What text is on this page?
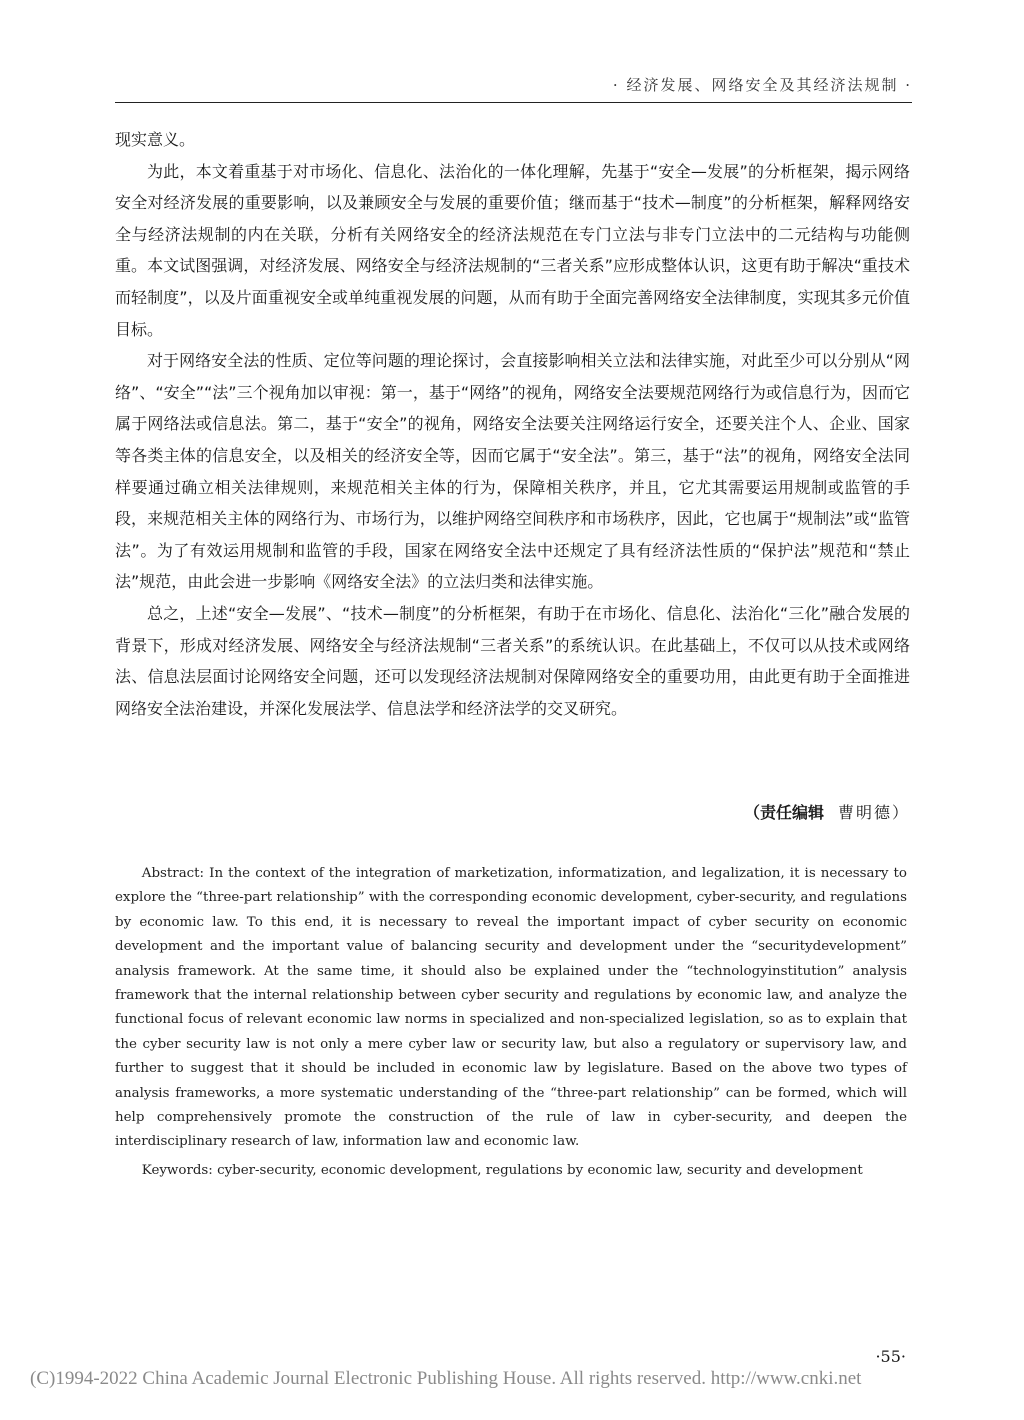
· 经济发展、网络安全及其经济法规制 ·

现实意义。

为此，本文着重基于对市场化、信息化、法治化的一体化理解，先基于“安全—发展”的分析框架，揭示网络安全对经济发展的重要影响，以及兼顾安全与发展的重要价值；继而基于“技术—制度”的分析框架，解释网络安全与经济法规制的内在关联，分析有关网络安全的经济法规范在专门立法与非专门立法中的二元结构与功能侧重。本文试图强调，对经济发展、网络安全与经济法规制的“三者关系”应形成整体认识，这更有助于解决“重技术而轻制度”，以及片面重视安全或单纯重视发展的问题，从而有助于全面完善网络安全法律制度，实现其多元价值目标。

对于网络安全法的性质、定位等问题的理论探讨，会直接影响相关立法和法律实施，对此至少可以分别从“网络”、“安全”“法”三个视角加以审视：第一，基于“网络”的视角，网络安全法要规范网络行为或信息行为，因而它属于网络法或信息法。第二，基于“安全”的视角，网络安全法要关注网络运行安全，还要关注个人、企业、国家等各类主体的信息安全，以及相关的经济安全等，因而它属于“安全法”。第三，基于“法”的视角，网络安全法同样要通过确立相关法律规则，来规范相关主体的行为，保障相关秩序，并且，它尤其需要运用规制或监管的手段，来规范相关主体的网络行为、市场行为，以维护网络空间秩序和市场秩序，因此，它也属于“规制法”或“监管法”。为了有效运用规制和监管的手段，国家在网络安全法中还规定了具有经济法性质的“保护法”规范和“禁止法”规范，由此会进一步影响《网络安全法》的立法归类和法律实施。

总之，上述“安全—发展”、“技术—制度”的分析框架，有助于在市场化、信息化、法治化“三化”融合发展的背景下，形成对经济发展、网络安全与经济法规制“三者关系”的系统认识。在此基础上，不仅可以从技术或网络法、信息法层面讨论网络安全问题，还可以发现经济法规制对保障网络安全的重要功用，由此更有助于全面推进网络安全法治建设，并深化发展法学、信息法学和经济法学的交叉研究。

（责任编辑 曹明德）

Abstract: In the context of the integration of marketization, informatization, and legalization, it is necessary to explore the “three-part relationship” with the corresponding economic development, cyber-security, and regulations by economic law. To this end, it is necessary to reveal the important impact of cyber security on economic development and the important value of balancing security and development under the “securitydevelopment” analysis framework. At the same time, it should also be explained under the “technologyinstitution” analysis framework that the internal relationship between cyber security and regulations by economic law, and analyze the functional focus of relevant economic law norms in specialized and non-specialized legislation, so as to explain that the cyber security law is not only a mere cyber law or security law, but also a regulatory or supervisory law, and further to suggest that it should be included in economic law by legislature. Based on the above two types of analysis frameworks, a more systematic understanding of the “three-part relationship” can be formed, which will help comprehensively promote the construction of the rule of law in cyber-security, and deepen the interdisciplinary research of law, information law and economic law.

Keywords: cyber-security, economic development, regulations by economic law, security and development

·55·
(C)1994-2022 China Academic Journal Electronic Publishing House. All rights reserved. http://www.cnki.net
